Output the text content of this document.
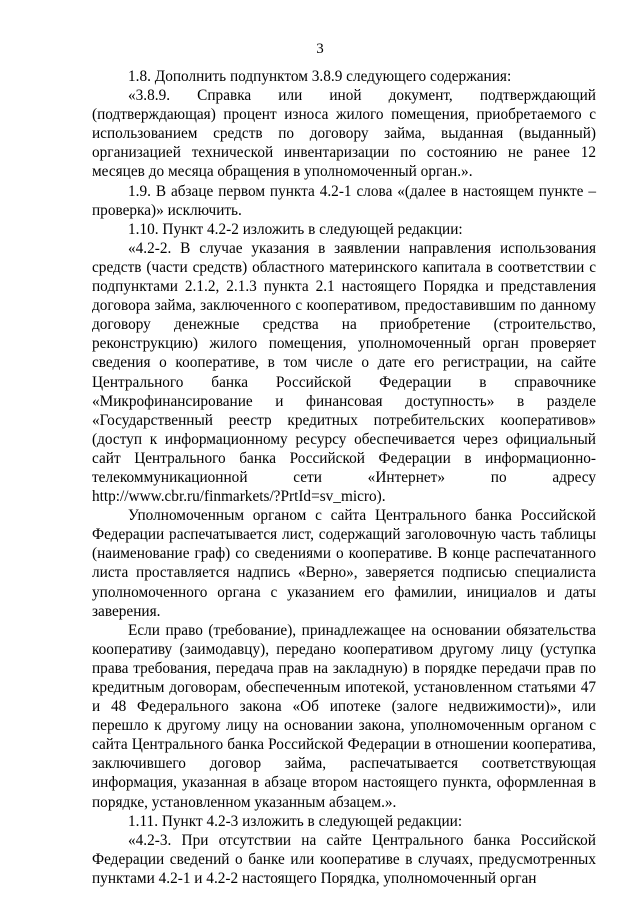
3

1.8. Дополнить подпунктом 3.8.9 следующего содержания:

«3.8.9. Справка или иной документ, подтверждающий (подтверждающая) процент износа жилого помещения, приобретаемого с использованием средств по договору займа, выданная (выданный) организацией технической инвентаризации по состоянию не ранее 12 месяцев до месяца обращения в уполномоченный орган.».

1.9. В абзаце первом пункта 4.2-1 слова «(далее в настоящем пункте – проверка)» исключить.

1.10. Пункт 4.2-2 изложить в следующей редакции:

«4.2-2. В случае указания в заявлении направления использования средств (части средств) областного материнского капитала в соответствии с подпунктами 2.1.2, 2.1.3 пункта 2.1 настоящего Порядка и представления договора займа, заключенного с кооперативом, предоставившим по данному договору денежные средства на приобретение (строительство, реконструкцию) жилого помещения, уполномоченный орган проверяет сведения о кооперативе, в том числе о дате его регистрации, на сайте Центрального банка Российской Федерации в справочнике «Микрофинансирование и финансовая доступность» в разделе «Государственный реестр кредитных потребительских кооперативов» (доступ к информационному ресурсу обеспечивается через официальный сайт Центрального банка Российской Федерации в информационно-телекоммуникационной сети «Интернет» по адресу http://www.cbr.ru/finmarkets/?PrtId=sv_micro).

Уполномоченным органом с сайта Центрального банка Российской Федерации распечатывается лист, содержащий заголовочную часть таблицы (наименование граф) со сведениями о кооперативе. В конце распечатанного листа проставляется надпись «Верно», заверяется подписью специалиста уполномоченного органа с указанием его фамилии, инициалов и даты заверения.

Если право (требование), принадлежащее на основании обязательства кооперативу (заимодавцу), передано кооперативом другому лицу (уступка права требования, передача прав на закладную) в порядке передачи прав по кредитным договорам, обеспеченным ипотекой, установленном статьями 47 и 48 Федерального закона «Об ипотеке (залоге недвижимости)», или перешло к другому лицу на основании закона, уполномоченным органом с сайта Центрального банка Российской Федерации в отношении кооператива, заключившего договор займа, распечатывается соответствующая информация, указанная в абзаце втором настоящего пункта, оформленная в порядке, установленном указанным абзацем.».

1.11. Пункт 4.2-3 изложить в следующей редакции:

«4.2-3. При отсутствии на сайте Центрального банка Российской Федерации сведений о банке или кооперативе в случаях, предусмотренных пунктами 4.2-1 и 4.2-2 настоящего Порядка, уполномоченный орган
